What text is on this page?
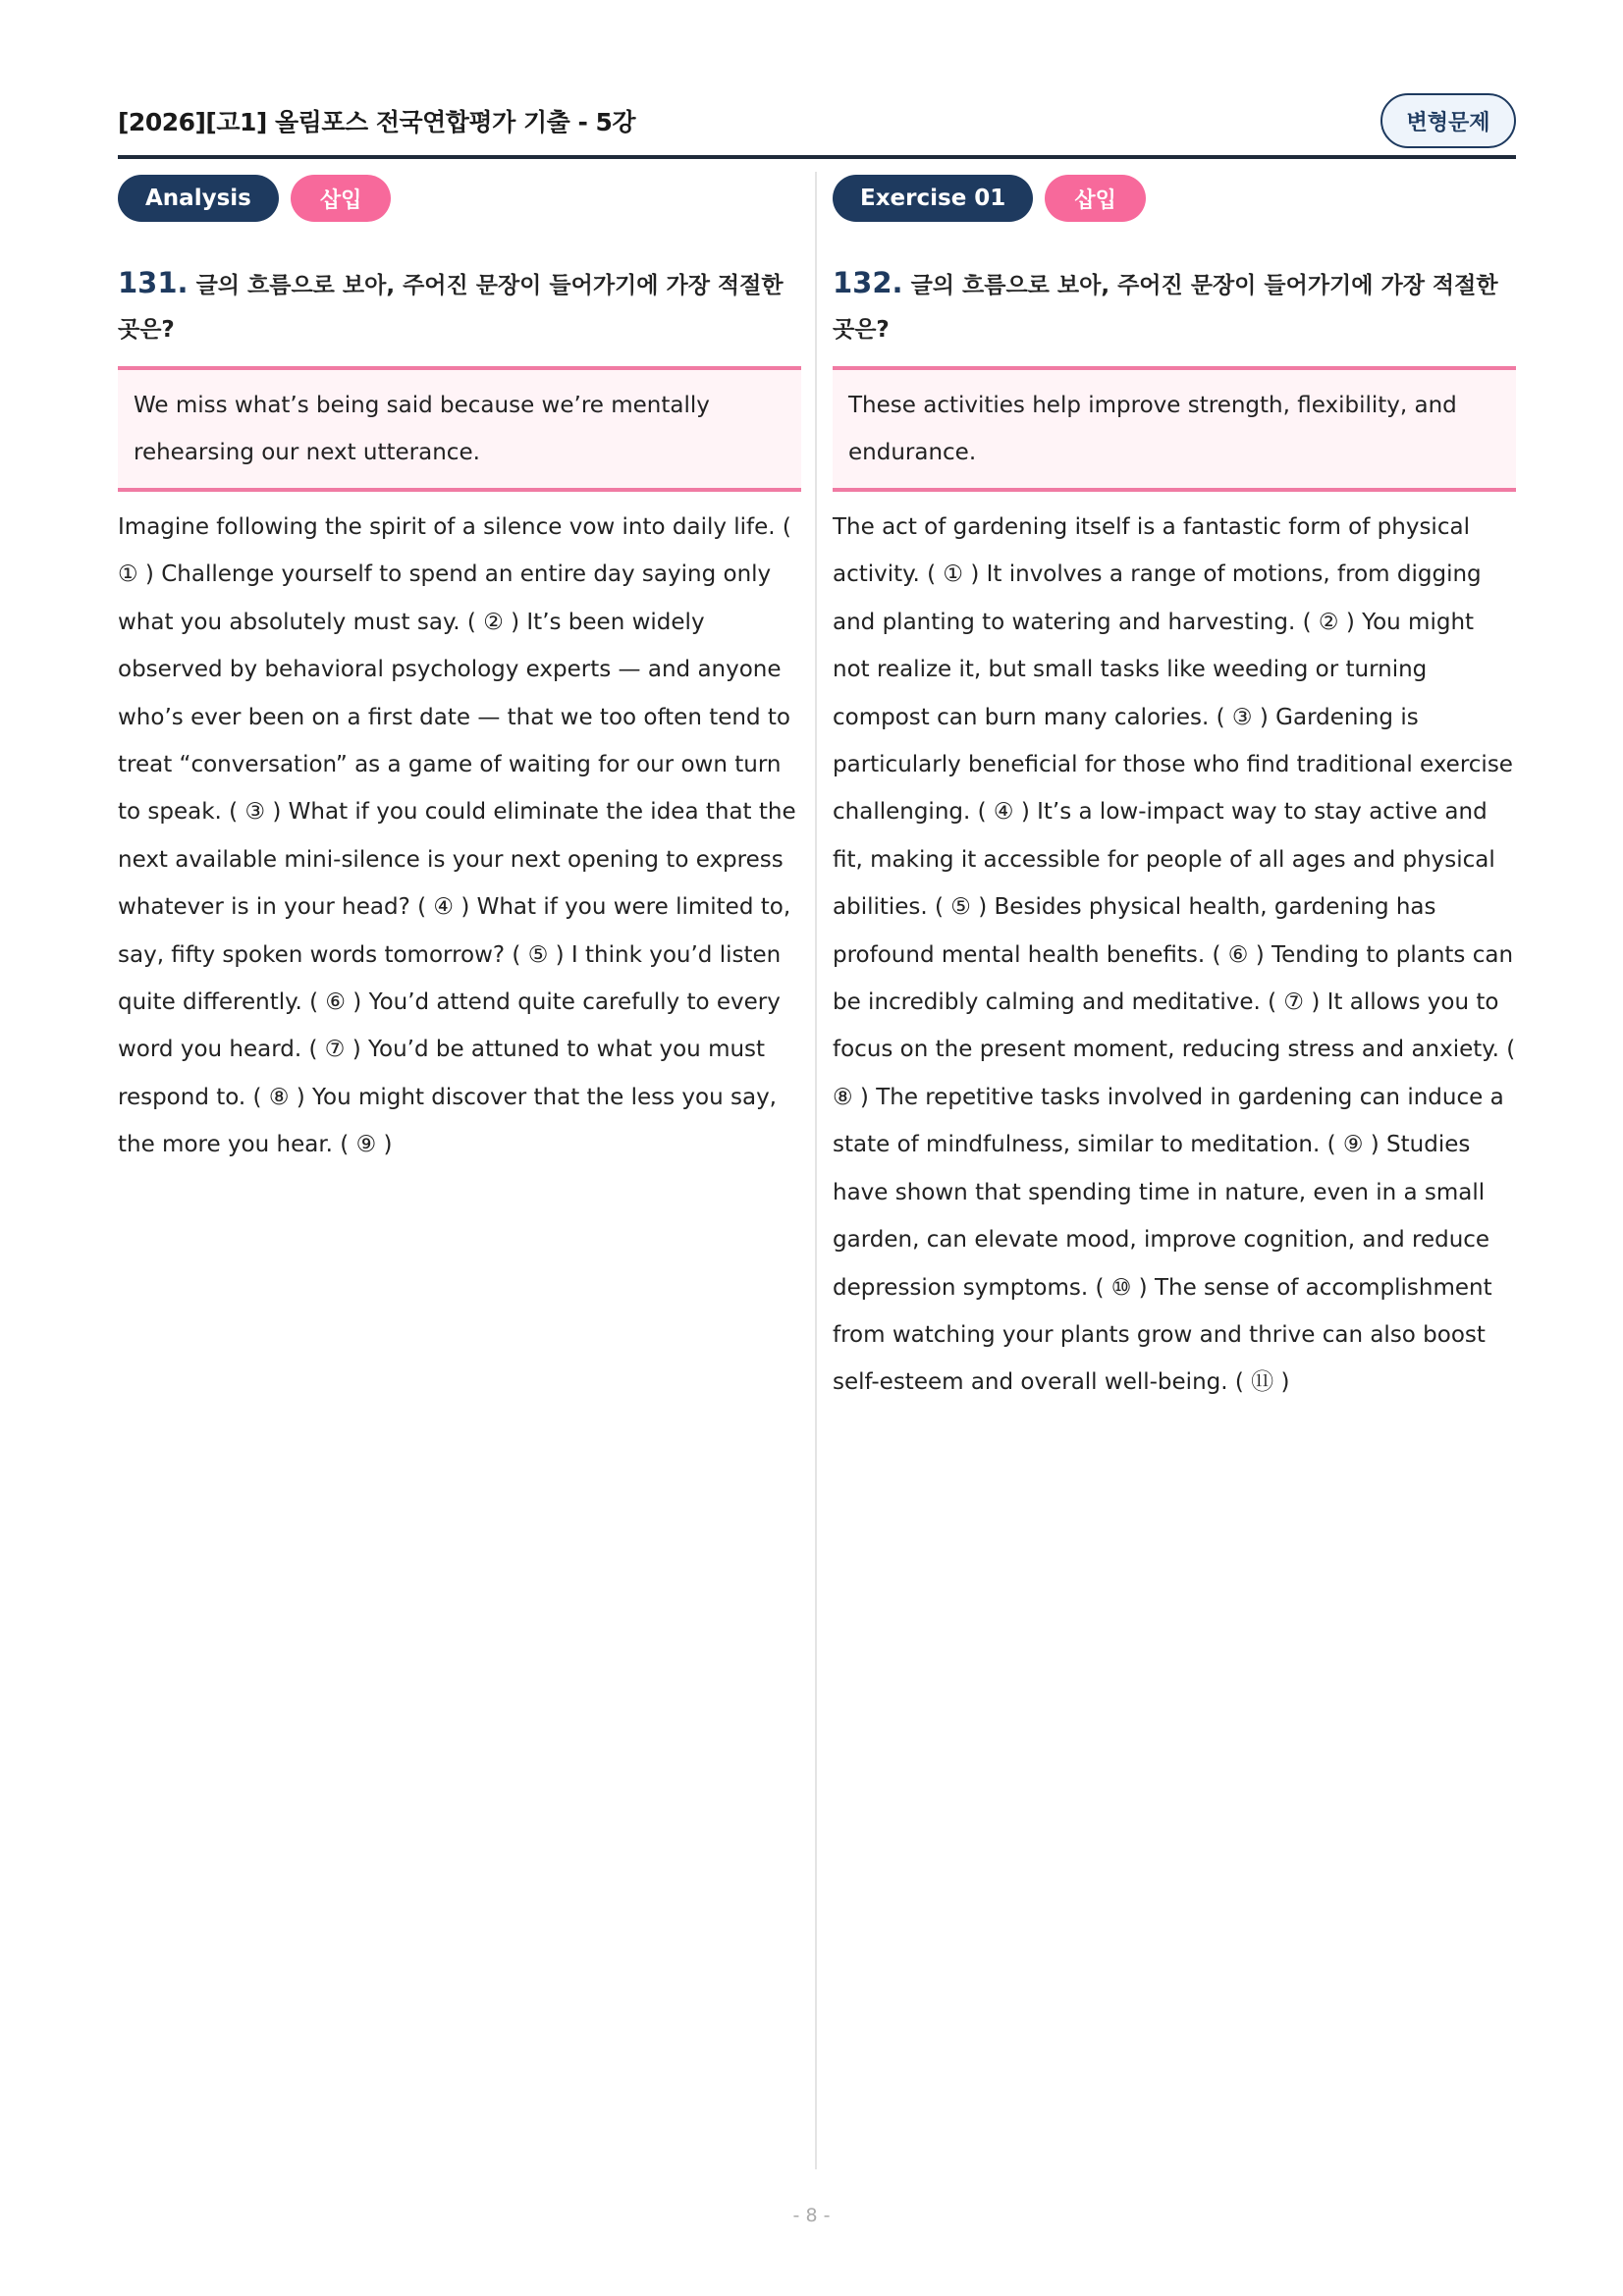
[2026][고1] 올림포스 전국연합평가 기출 - 5강	변형문제
Analysis	삽입
131. 글의 흐름으로 보아, 주어진 문장이 들어가기에 가장 적절한 곳은?
We miss what’s being said because we’re mentally rehearsing our next utterance.
Imagine following the spirit of a silence vow into daily life. ( ① ) Challenge yourself to spend an entire day saying only what you absolutely must say. ( ② ) It’s been widely observed by behavioral psychology experts — and anyone who’s ever been on a first date — that we too often tend to treat “conversation” as a game of waiting for our own turn to speak. ( ③ ) What if you could eliminate the idea that the next available mini-silence is your next opening to express whatever is in your head? ( ④ ) What if you were limited to, say, fifty spoken words tomorrow? ( ⑤ ) I think you’d listen quite differently. ( ⑥ ) You’d attend quite carefully to every word you heard. ( ⑦ ) You’d be attuned to what you must respond to. ( ⑧ ) You might discover that the less you say, the more you hear. ( ⑨ )
Exercise 01	삽입
132. 글의 흐름으로 보아, 주어진 문장이 들어가기에 가장 적절한 곳은?
These activities help improve strength, flexibility, and endurance.
The act of gardening itself is a fantastic form of physical activity. ( ① ) It involves a range of motions, from digging and planting to watering and harvesting. ( ② ) You might not realize it, but small tasks like weeding or turning compost can burn many calories. ( ③ ) Gardening is particularly beneficial for those who find traditional exercise challenging. ( ④ ) It’s a low-impact way to stay active and fit, making it accessible for people of all ages and physical abilities. ( ⑤ ) Besides physical health, gardening has profound mental health benefits. ( ⑥ ) Tending to plants can be incredibly calming and meditative. ( ⑦ ) It allows you to focus on the present moment, reducing stress and anxiety. ( ⑧ ) The repetitive tasks involved in gardening can induce a state of mindfulness, similar to meditation. ( ⑨ ) Studies have shown that spending time in nature, even in a small garden, can elevate mood, improve cognition, and reduce depression symptoms. ( ⑩ ) The sense of accomplishment from watching your plants grow and thrive can also boost self-esteem and overall well-being. ( ⑪ )
- 8 -
